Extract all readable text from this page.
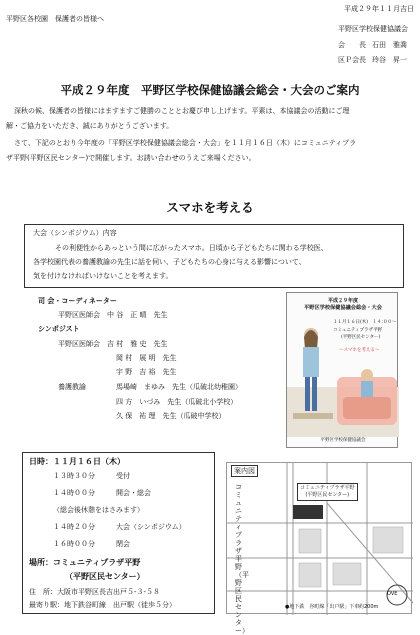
平野区各校園　保護者の皆様へ
平成２９年１１月吉日
平野区学校保健協議会
会　　長 石田　雅喬
区Ｐ会長 玲谷　昇一
平成２９年度　平野区学校保健協議会総会・大会のご案内
深秋の候、保護者の皆様にはますますご健勝のこととお慶び申し上げます。平素は、本協議会の活動にご理
解・ご協力をいただき、誠にありがとうございます。
さて、下記のとおり今年度の「平野区学校保健協議会総会・大会」を１１月１６日（木）にコミュニティプラ
ザ平野(平野区民センター)で開催します。お誘い合わせのうえご来場ください。
スマホを考える
大会（シンポジウム）内容
その利便性からあっという間に広がったスマホ。日頃から子どもたちに関わる学校医、
各学校園代表の養護教諭の先生に話を伺い、子どもたちの心身に与える影響について、
気を付けなければいけないことを考えます。
司 会・コーディネーター
平野区医師会　中 谷　正 晴　先生
シンポジスト
平野区医師会　吉 村　雅 史　先生
岡 村　展 明　先生
宇 野　吉 裕　先生
養護教諭	馬場崎　まゆみ　先生（瓜破北幼稚園）
四 方　いづみ　先生（瓜破北小学校）
久 保　祐 理　先生（瓜破中学校）
平成２９年度
平野区学校保健協議会総会・大会
１１月１６日(木)　１４:００～
コミュニティプラザ平野
(平野区民センター)
～スマホを考える～
平野区学校保健協議会
日時：１１月１６日（木）
１３時３０分　　　受付
１４時００分　　　開会・総会
（総会後休憩をはさみます）
１４時２０分　　　大会（シンポジウム）
１６時００分　　　閉会
場所：コミュニティプラザ平野
（平野区民センター）
住　所：大阪市平野区長吉出戸５-３-５８
最寄り駅：地下鉄谷町線　出戸駅（徒歩５分）
案内図
コミュニティプラザ平野
(平野区民センター)
コミュニティプラザ平野（平野区民センター）
OVE
●地下鉄　谷町線「出戸駅」下車 約200m
